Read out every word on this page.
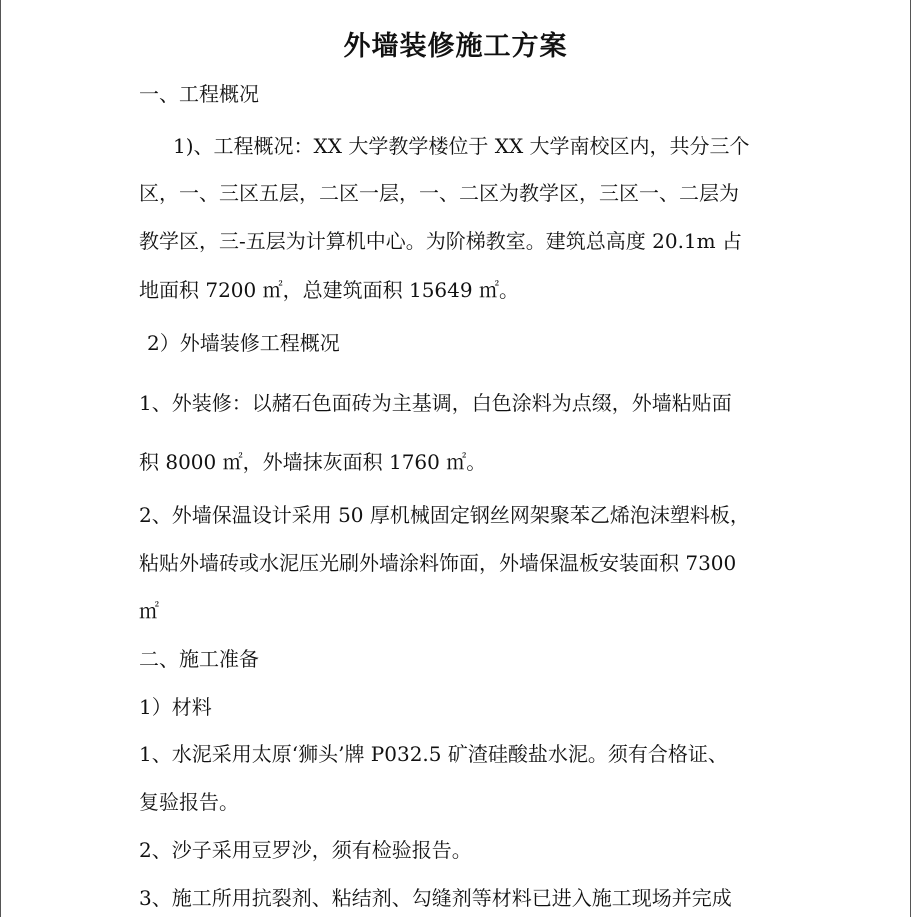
外墙装修施工方案
一、工程概况
1)、工程概况：XX 大学教学楼位于 XX 大学南校区内，共分三个
区，一、三区五层，二区一层，一、二区为教学区，三区一、二层为
教学区，三-五层为计算机中心。为阶梯教室。建筑总高度 20.1m 占
地面积 7200 ㎡，总建筑面积 15649 ㎡。
2）外墙装修工程概况
1、外装修：以赭石色面砖为主基调，白色涂料为点缀，外墙粘贴面
积 8000 ㎡，外墙抹灰面积 1760 ㎡。
2、外墙保温设计采用 50 厚机械固定钢丝网架聚苯乙烯泡沫塑料板，
粘贴外墙砖或水泥压光刷外墙涂料饰面，外墙保温板安装面积 7300
㎡
二、施工准备
1）材料
1、水泥采用太原‘狮头’牌 P032.5 矿渣硅酸盐水泥。须有合格证、
复验报告。
2、沙子采用豆罗沙，须有检验报告。
3、施工所用抗裂剂、粘结剂、勾缝剂等材料已进入施工现场并完成
